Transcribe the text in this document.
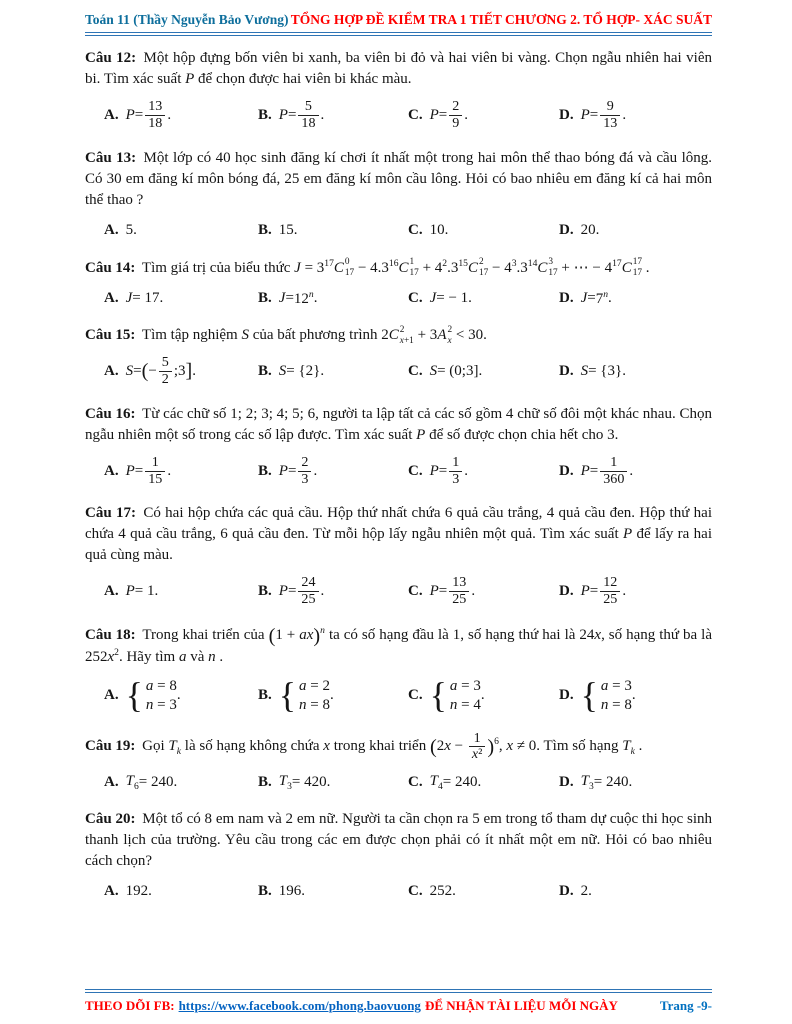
Toán 11 (Thầy Nguyễn Bảo Vương) TỔNG HỢP ĐỀ KIỂM TRA 1 TIẾT CHƯƠNG 2. TỔ HỢP- XÁC SUẤT
Câu 12: Một hộp đựng bốn viên bi xanh, ba viên bi đỏ và hai viên bi vàng. Chọn ngẫu nhiên hai viên bi. Tìm xác suất P để chọn được hai viên bi khác màu.
A. $P = \frac{13}{18}$ .	B. $P = \frac{5}{18}$ .	C. $P = \frac{2}{9}$ .	D. $P = \frac{9}{13}$ .
Câu 13: Một lớp có 40 học sinh đăng kí chơi ít nhất một trong hai môn thể thao bóng đá và cầu lông. Có 30 em đăng kí môn bóng đá, 25 em đăng kí môn cầu lông. Hỏi có bao nhiêu em đăng kí cả hai môn thể thao ?
A. 5.	B. 15.	C. 10.	D. 20.
Câu 14: Tìm giá trị của biểu thức $J = 3^{17}C$ 0
$17 - 4.3^{16}C$ 1
$17 + 4^2.3^{15}C$ 2
$17 - 4^3.3^{14}C$ 3
17 + ⋯ − $4^{17}C$ 17
17 .
A. J = 17.	B. $J = 12^n$ .	C. J = − 1.	D. $J = 7^n$ .
Câu 15: Tìm tập nghiệm S của bất phương trình 2C 2
x+1 + 3A 2
x < 30.
A. S = ( − $\frac{5}{2}$ ;3 ] .	B. S = {2}.	C. S = (0;3].	D. S = {3}.
Câu 16: Từ các chữ số 1; 2; 3; 4; 5; 6, người ta lập tất cả các số gồm 4 chữ số đôi một khác nhau. Chọn ngẫu nhiên một số trong các số lập được. Tìm xác suất P để số được chọn chia hết cho 3.
A. $P = \frac{1}{15}$ .	B. $P = \frac{2}{3}$ .	C. $P = \frac{1}{3}$ .	D. $P = \frac{1}{360}$ .
Câu 17: Có hai hộp chứa các quả cầu. Hộp thứ nhất chứa 6 quả cầu trắng, 4 quả cầu đen. Hộp thứ hai chứa 4 quả cầu trắng, 6 quả cầu đen. Từ mỗi hộp lấy ngẫu nhiên một quả. Tìm xác suất P để lấy ra hai quả cùng màu.
A. P = 1.	B. $P = \frac{24}{25}$ .	C. $P = \frac{13}{25}$ .	D. $P = \frac{12}{25}$ .
Câu 18: Trong khai triển của (1 + ax)$^n$ ta có số hạng đầu là 1, số hạng thứ hai là 24x, số hạng thứ ba là $252x^2$. Hãy tìm a và n .
A. { a = 8
n = 3
.	B. { a = 2
n = 8
.	C. { a = 3
n = 4
.	D. { a = 3
n = 8
.
Câu 19: Gọi $T_k$ là số hạng không chứa x trong khai triển $(2x - \frac{1}{\text{x²}} )^6$, x ≠ 0. Tìm số hạng $T_k$ .
A. $T_6 = 240$.	B. $T_3 = 420$.	C. $T_4 = 240$.	D. $T_3 = 240$.
Câu 20: Một tổ có 8 em nam và 2 em nữ. Người ta cần chọn ra 5 em trong tổ tham dự cuộc thi học sinh thanh lịch của trường. Yêu cầu trong các em được chọn phải có ít nhất một em nữ. Hỏi có bao nhiêu cách chọn?
A. 192.	B. 196.	C. 252.	D. 2.
THEO DÕI FB: https://www.facebook.com/phong.baovuong ĐỂ NHẬN TÀI LIỆU MỖI NGÀY	Trang -9-
